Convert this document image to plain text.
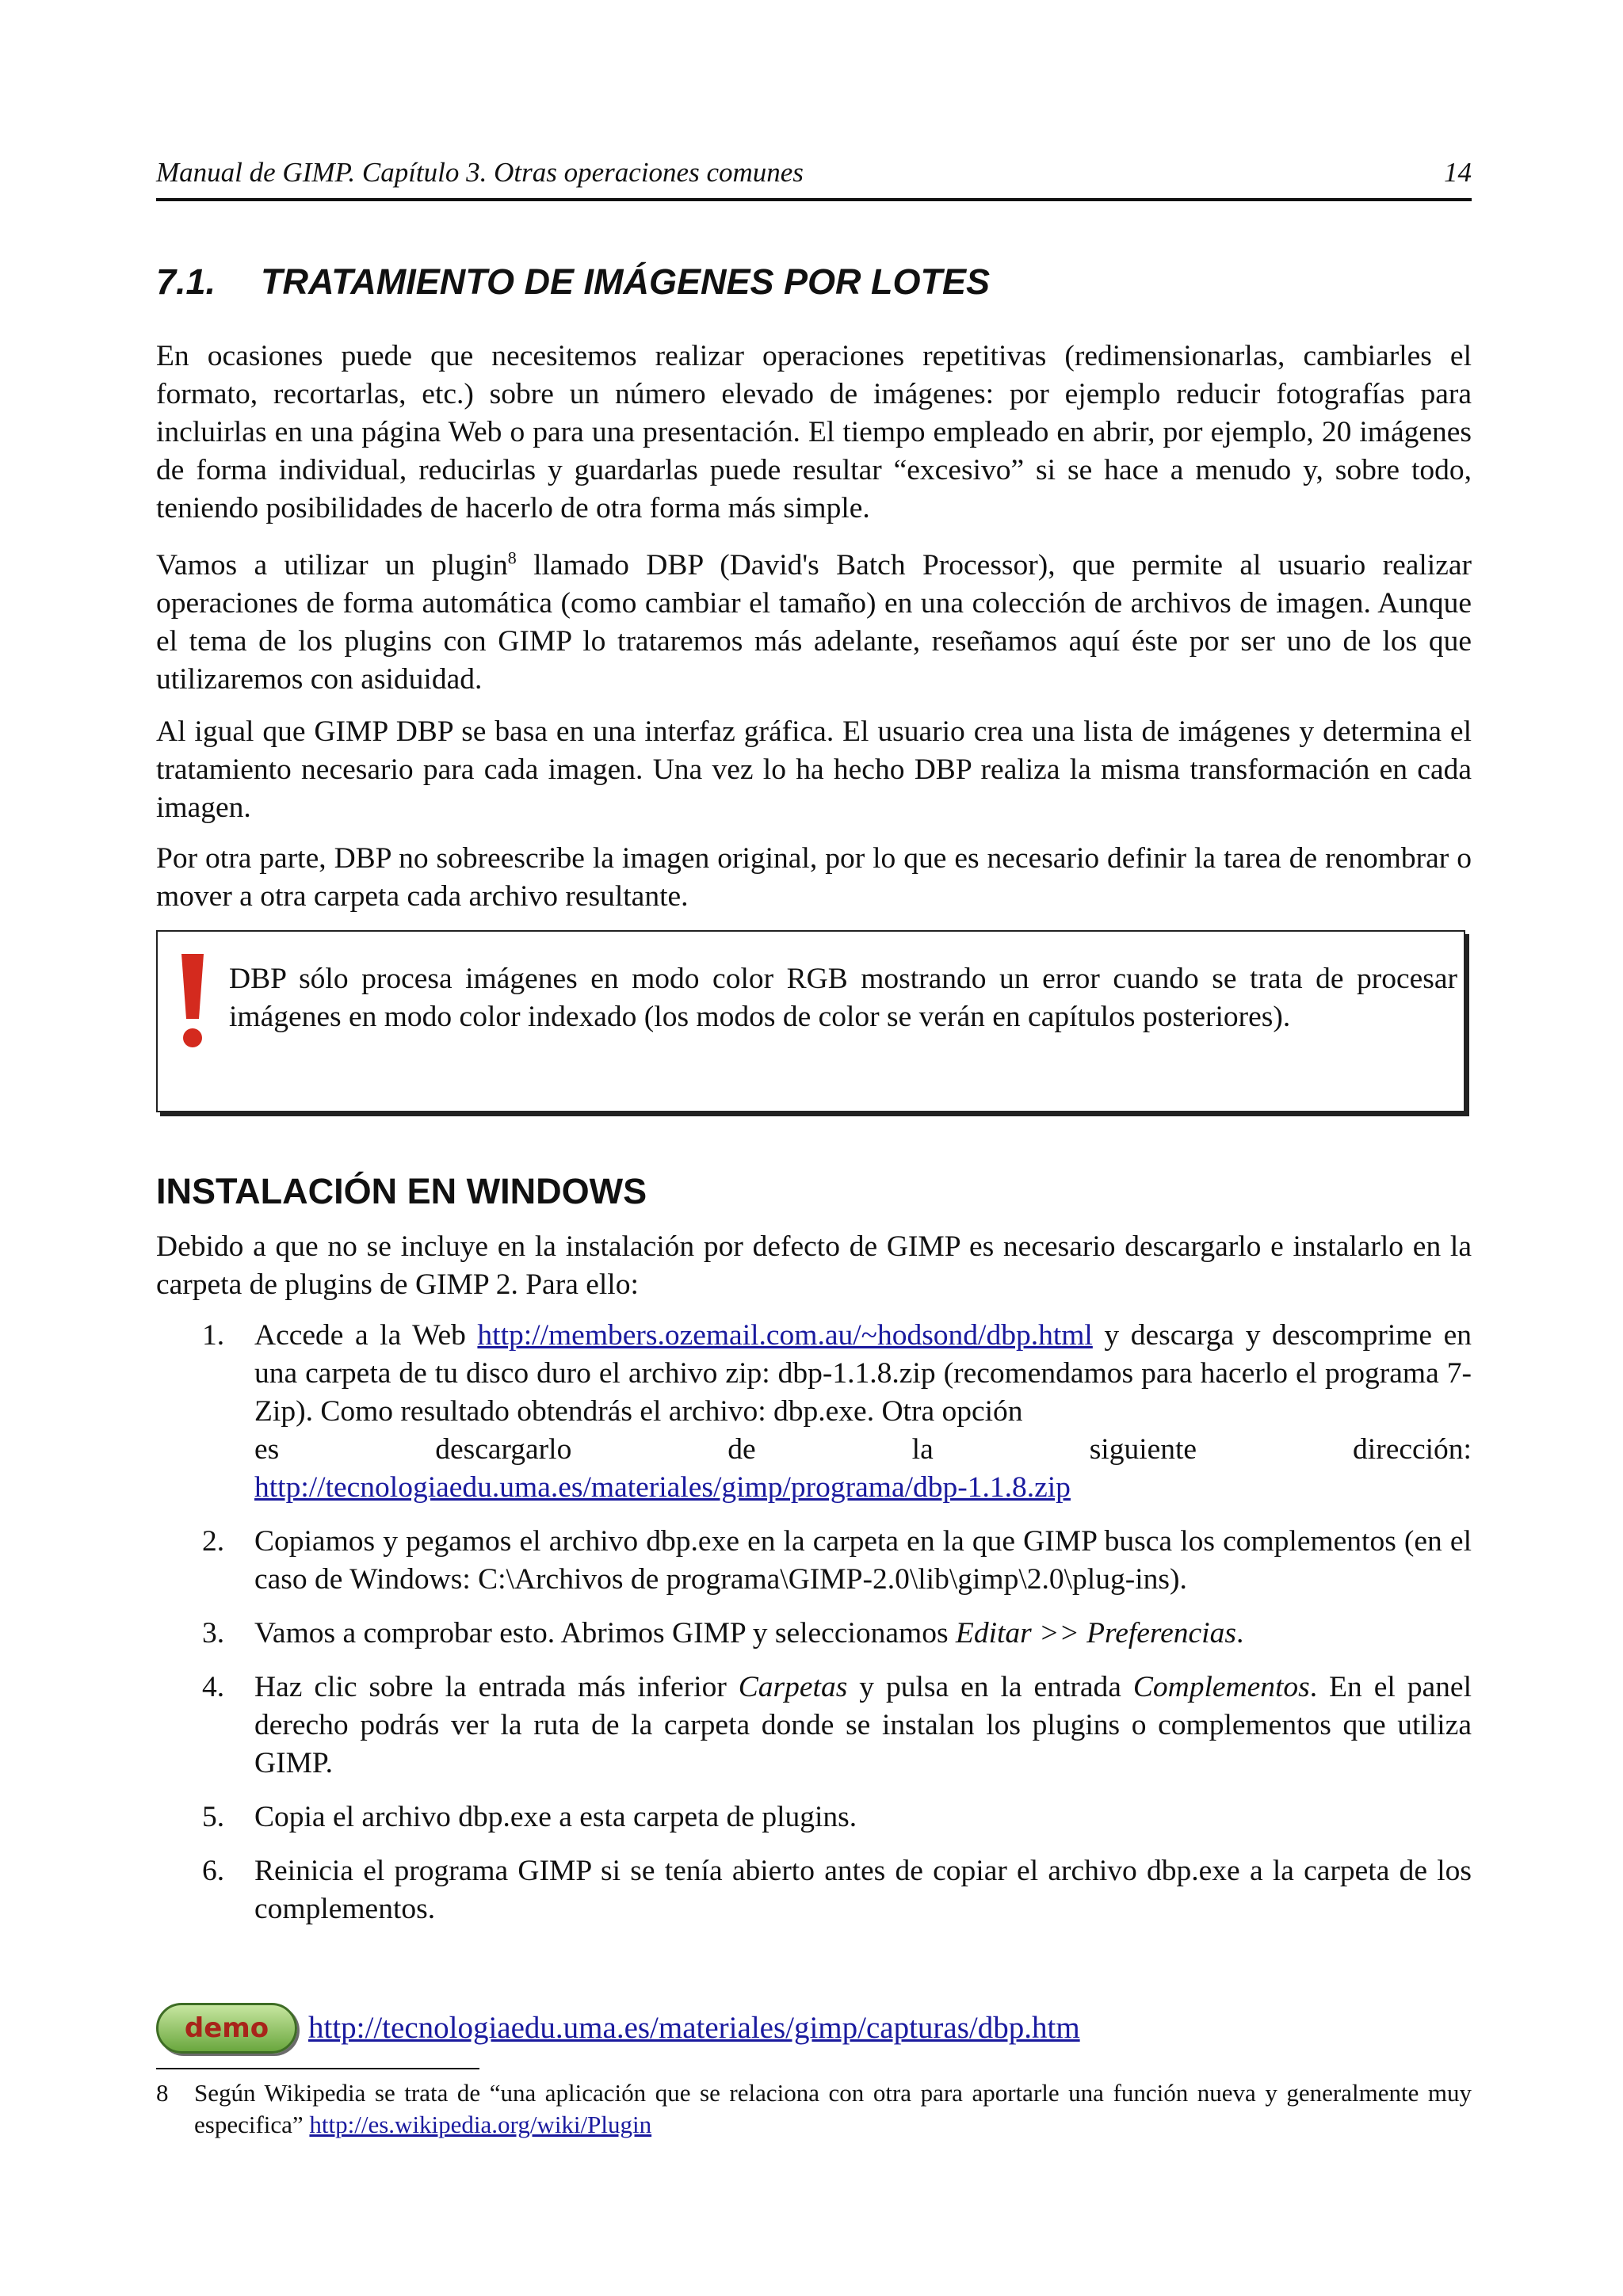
Manual de GIMP. Capítulo 3. Otras operaciones comunes	14
7.1.	TRATAMIENTO DE IMÁGENES POR LOTES

En ocasiones puede que necesitemos realizar operaciones repetitivas (redimensionarlas, cambiarles el formato, recortarlas, etc.) sobre un número elevado de imágenes: por ejemplo reducir fotografías para incluirlas en una página Web o para una presentación. El tiempo empleado en abrir, por ejemplo, 20 imágenes de forma individual, reducirlas y guardarlas puede resultar “excesivo” si se hace a menudo y, sobre todo, teniendo posibilidades de hacerlo de otra forma más simple.

Vamos a utilizar un plugin$^8$ llamado DBP (David's Batch Processor), que permite al usuario realizar operaciones de forma automática (como cambiar el tamaño) en una colección de archivos de imagen. Aunque el tema de los plugins con GIMP lo trataremos más adelante, reseñamos aquí éste por ser uno de los que utilizaremos con asiduidad.

Al igual que GIMP DBP se basa en una interfaz gráfica. El usuario crea una lista de imágenes y determina el tratamiento necesario para cada imagen. Una vez lo ha hecho DBP realiza la misma transformación en cada imagen.

Por otra parte, DBP no sobreescribe la imagen original, por lo que es necesario definir la tarea de renombrar o mover a otra carpeta cada archivo resultante.

DBP sólo procesa imágenes en modo color RGB mostrando un error cuando se trata de procesar imágenes en modo color indexado (los modos de color se verán en capítulos posteriores).
INSTALACIÓN EN WINDOWS

Debido a que no se incluye en la instalación por defecto de GIMP es necesario descargarlo e instalarlo en la carpeta de plugins de GIMP 2. Para ello:

1. Accede a la Web http://members.ozemail.com.au/~hodsond/dbp.html y descarga y descomprime en una carpeta de tu disco duro el archivo zip: dbp-1.1.8.zip (recomendamos para hacerlo el programa 7-Zip). Como resultado obtendrás el archivo: dbp.exe. Otra opción
es	descargarlo	de	la	siguiente	dirección:
http://tecnologiaedu.uma.es/materiales/gimp/programa/dbp-1.1.8.zip
2. Copiamos y pegamos el archivo dbp.exe en la carpeta en la que GIMP busca los complementos (en el caso de Windows: C:\Archivos de programa\GIMP-2.0\lib\gimp\2.0\plug-ins).
3. Vamos a comprobar esto. Abrimos GIMP y seleccionamos Editar >> Preferencias.
4. Haz clic sobre la entrada más inferior Carpetas y pulsa en la entrada Complementos. En el panel derecho podrás ver la ruta de la carpeta donde se instalan los plugins o complementos que utiliza GIMP.
5. Copia el archivo dbp.exe a esta carpeta de plugins.
6. Reinicia el programa GIMP si se tenía abierto antes de copiar el archivo dbp.exe a la carpeta de los complementos.
demo	http://tecnologiaedu.uma.es/materiales/gimp/capturas/dbp.htm
8	Según Wikipedia se trata de “una aplicación que se relaciona con otra para aportarle una función nueva y generalmente muy especifica” http://es.wikipedia.org/wiki/Plugin
